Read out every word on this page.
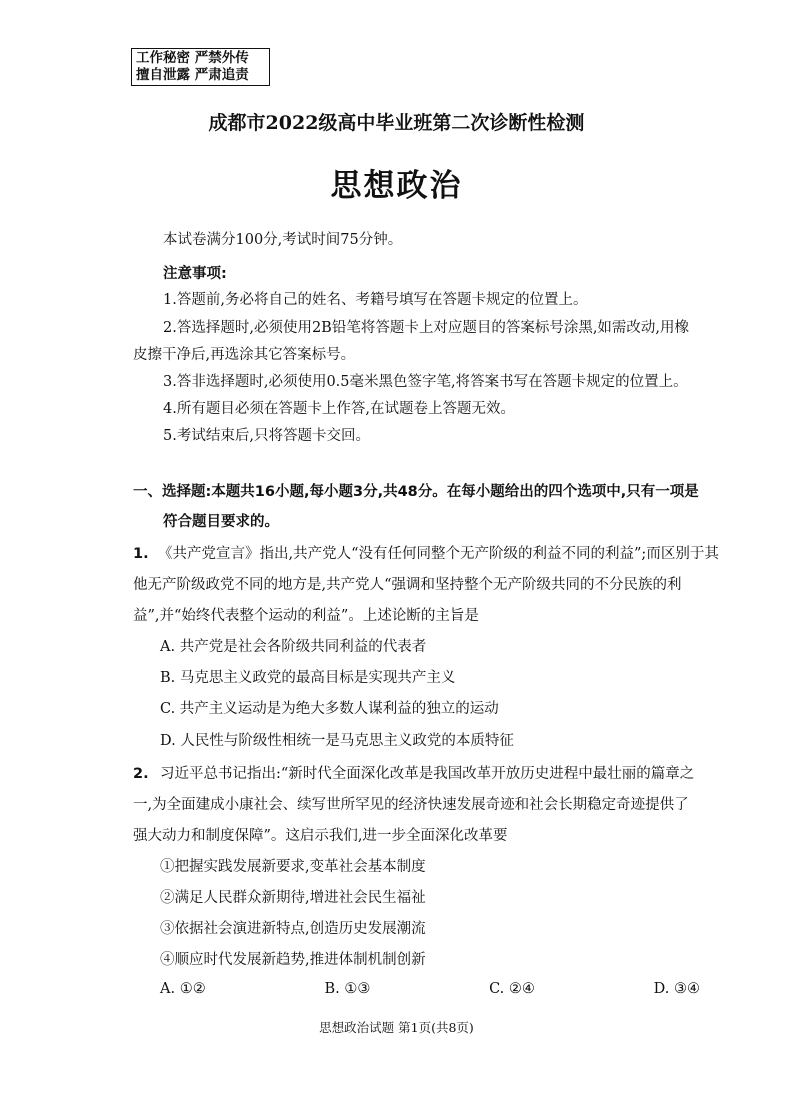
工作秘密 严禁外传
擅自泄露 严肃追责
成都市2022级高中毕业班第二次诊断性检测
思想政治
本试卷满分100分,考试时间75分钟。
注意事项:
1.答题前,务必将自己的姓名、考籍号填写在答题卡规定的位置上。
2.答选择题时,必须使用2B铅笔将答题卡上对应题目的答案标号涂黑,如需改动,用橡
皮擦干净后,再选涂其它答案标号。
3.答非选择题时,必须使用0.5毫米黑色签字笔,将答案书写在答题卡规定的位置上。
4.所有题目必须在答题卡上作答,在试题卷上答题无效。
5.考试结束后,只将答题卡交回。
一、选择题:本题共16小题,每小题3分,共48分。在每小题给出的四个选项中,只有一项是
符合题目要求的。
1. 《共产党宣言》指出,共产党人“没有任何同整个无产阶级的利益不同的利益”;而区别于其
他无产阶级政党不同的地方是,共产党人“强调和坚持整个无产阶级共同的不分民族的利
益”,并“始终代表整个运动的利益”。上述论断的主旨是
A. 共产党是社会各阶级共同利益的代表者
B. 马克思主义政党的最高目标是实现共产主义
C. 共产主义运动是为绝大多数人谋利益的独立的运动
D. 人民性与阶级性相统一是马克思主义政党的本质特征
2. 习近平总书记指出:“新时代全面深化改革是我国改革开放历史进程中最壮丽的篇章之
一,为全面建成小康社会、续写世所罕见的经济快速发展奇迹和社会长期稳定奇迹提供了
强大动力和制度保障”。这启示我们,进一步全面深化改革要
①把握实践发展新要求,变革社会基本制度
②满足人民群众新期待,增进社会民生福祉
③依据社会演进新特点,创造历史发展潮流
④顺应时代发展新趋势,推进体制机制创新
A. ①②	B. ①③	C. ②④	D. ③④
思想政治试题 第1页(共8页)
